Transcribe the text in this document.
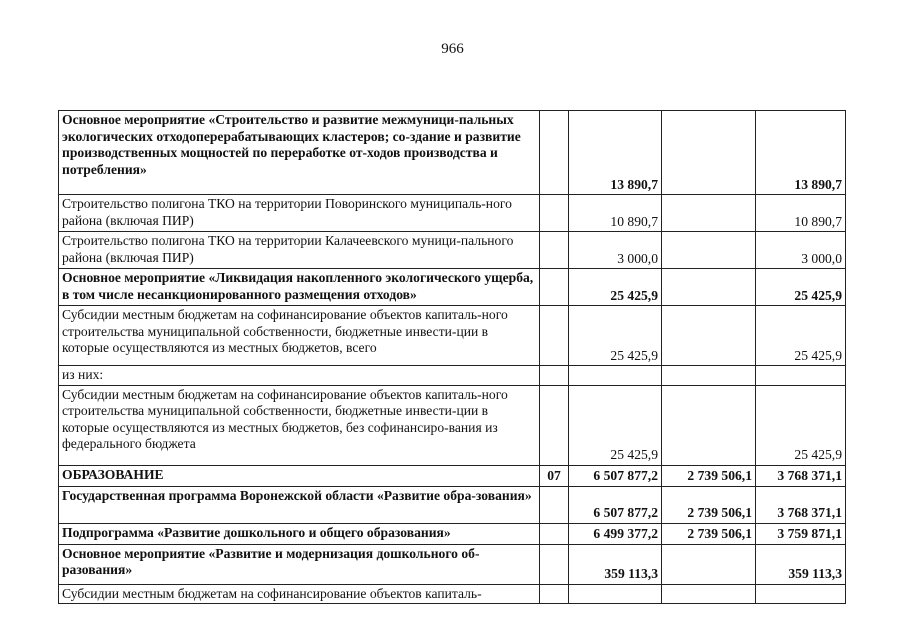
966
Основное мероприятие «Строительство и развитие межмуници-пальных экологических отходоперерабатывающих кластеров; со-здание и развитие производственных мощностей по переработке от-ходов производства и потребления»		13 890,7		13 890,7
Строительство полигона ТКО на территории Поворинского муниципаль-ного района (включая ПИР)		10 890,7		10 890,7
Строительство полигона ТКО на территории Калачеевского муници-пального района (включая ПИР)		3 000,0		3 000,0
Основное мероприятие «Ликвидация накопленного экологического ущерба, в том числе несанкционированного размещения отходов»		25 425,9		25 425,9
Субсидии местным бюджетам на софинансирование объектов капиталь-ного строительства муниципальной собственности, бюджетные инвести-ции в которые осуществляются из местных бюджетов, всего		25 425,9		25 425,9
из них:				
Субсидии местным бюджетам на софинансирование объектов капиталь-ного строительства муниципальной собственности, бюджетные инвести-ции в которые осуществляются из местных бюджетов, без софинансиро-вания из федерального бюджета		25 425,9		25 425,9
ОБРАЗОВАНИЕ	07	6 507 877,2	2 739 506,1	3 768 371,1
Государственная программа Воронежской области «Развитие обра-зования»		6 507 877,2	2 739 506,1	3 768 371,1
Подпрограмма «Развитие дошкольного и общего образования»		6 499 377,2	2 739 506,1	3 759 871,1
Основное мероприятие «Развитие и модернизация дошкольного об-разования»		359 113,3		359 113,3
Субсидии местным бюджетам на софинансирование объектов капиталь-				
